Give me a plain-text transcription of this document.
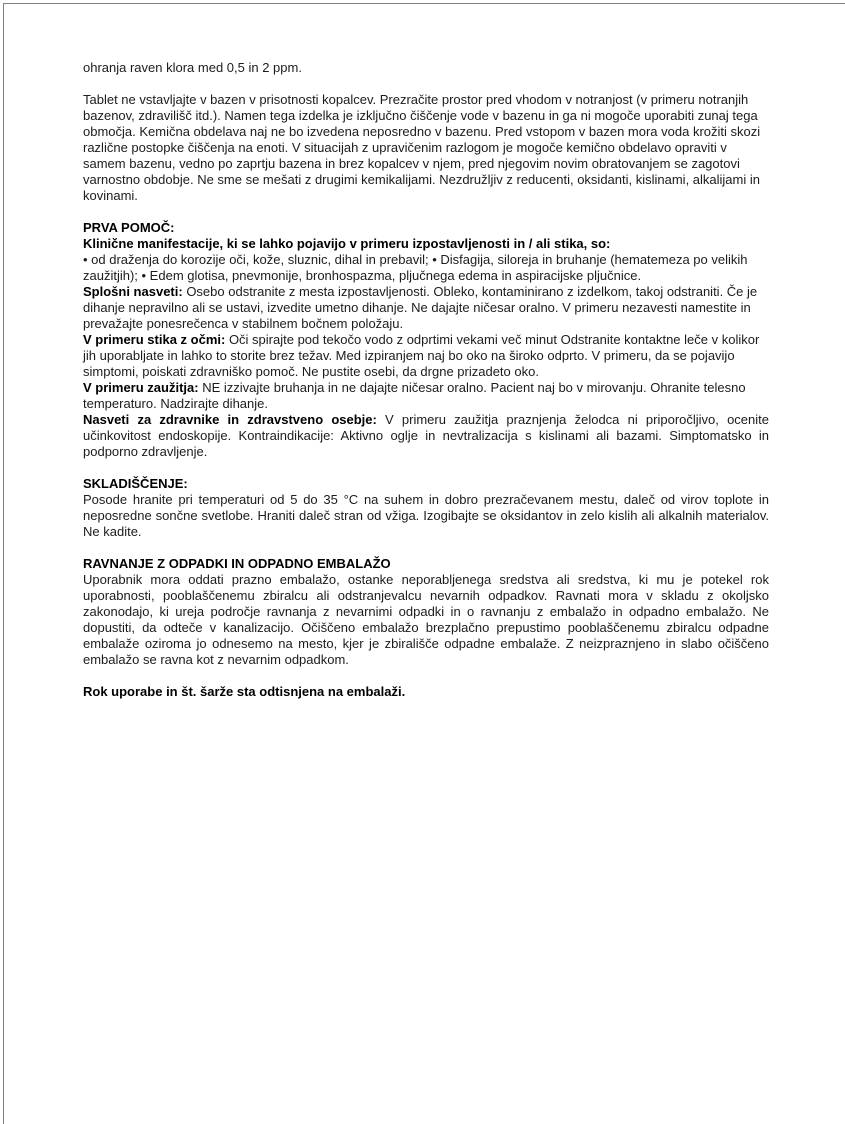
ohranja raven klora med 0,5 in 2 ppm.

Tablet ne vstavljajte v bazen v prisotnosti kopalcev. Prezračite prostor pred vhodom v notranjost (v primeru notranjih bazenov, zdravilišč itd.). Namen tega izdelka je izključno čiščenje vode v bazenu in ga ni mogoče uporabiti zunaj tega območja. Kemična obdelava naj ne bo izvedena neposredno v bazenu. Pred vstopom v bazen mora voda krožiti skozi različne postopke čiščenja na enoti. V situacijah z upravičenim razlogom je mogoče kemično obdelavo opraviti v samem bazenu, vedno po zaprtju bazena in brez kopalcev v njem, pred njegovim novim obratovanjem se zagotovi varnostno obdobje. Ne sme se mešati z drugimi kemikalijami. Nezdružljiv z reducenti, oksidanti, kislinami, alkalijami in kovinami.

PRVA POMOČ:

Klinične manifestacije, ki se lahko pojavijo v primeru izpostavljenosti in / ali stika, so:

• od draženja do korozije oči, kože, sluznic, dihal in prebavil; • Disfagija, siloreja in bruhanje (hematemeza po velikih zaužitjih); • Edem glotisa, pnevmonije, bronhospazma, pljučnega edema in aspiracijske pljučnice.

Splošni nasveti: Osebo odstranite z mesta izpostavljenosti. Obleko, kontaminirano z izdelkom, takoj odstraniti. Če je dihanje nepravilno ali se ustavi, izvedite umetno dihanje. Ne dajajte ničesar oralno. V primeru nezavesti namestite in prevažajte ponesrečenca v stabilnem bočnem položaju.

V primeru stika z očmi: Oči spirajte pod tekočo vodo z odprtimi vekami več minut Odstranite kontaktne leče v kolikor jih uporabljate in lahko to storite brez težav. Med izpiranjem naj bo oko na široko odprto. V primeru, da se pojavijo simptomi, poiskati zdravniško pomoč. Ne pustite osebi, da drgne prizadeto oko.

V primeru zaužitja: NE izzivajte bruhanja in ne dajajte ničesar oralno. Pacient naj bo v mirovanju. Ohranite telesno temperaturo. Nadzirajte dihanje.

Nasveti za zdravnike in zdravstveno osebje: V primeru zaužitja praznjenja želodca ni priporočljivo, ocenite učinkovitost endoskopije. Kontraindikacije: Aktivno oglje in nevtralizacija s kislinami ali bazami. Simptomatsko in podporno zdravljenje.

SKLADIŠČENJE:

Posode hranite pri temperaturi od 5 do 35 °C na suhem in dobro prezračevanem mestu, daleč od virov toplote in neposredne sončne svetlobe. Hraniti daleč stran od vžiga. Izogibajte se oksidantov in zelo kislih ali alkalnih materialov. Ne kadite.

RAVNANJE Z ODPADKI IN ODPADNO EMBALAŽO

Uporabnik mora oddati prazno embalažo, ostanke neporabljenega sredstva ali sredstva, ki mu je potekel rok uporabnosti, pooblaščenemu zbiralcu ali odstranjevalcu nevarnih odpadkov. Ravnati mora v skladu z okoljsko zakonodajo, ki ureja področje ravnanja z nevarnimi odpadki in o ravnanju z embalažo in odpadno embalažo. Ne dopustiti, da odteče v kanalizacijo. Očiščeno embalažo brezplačno prepustimo pooblaščenemu zbiralcu odpadne embalaže oziroma jo odnesemo na mesto, kjer je zbirališče odpadne embalaže. Z neizpraznjeno in slabo očiščeno embalažo se ravna kot z nevarnim odpadkom.

Rok uporabe in št. šarže sta odtisnjena na embalaži.
